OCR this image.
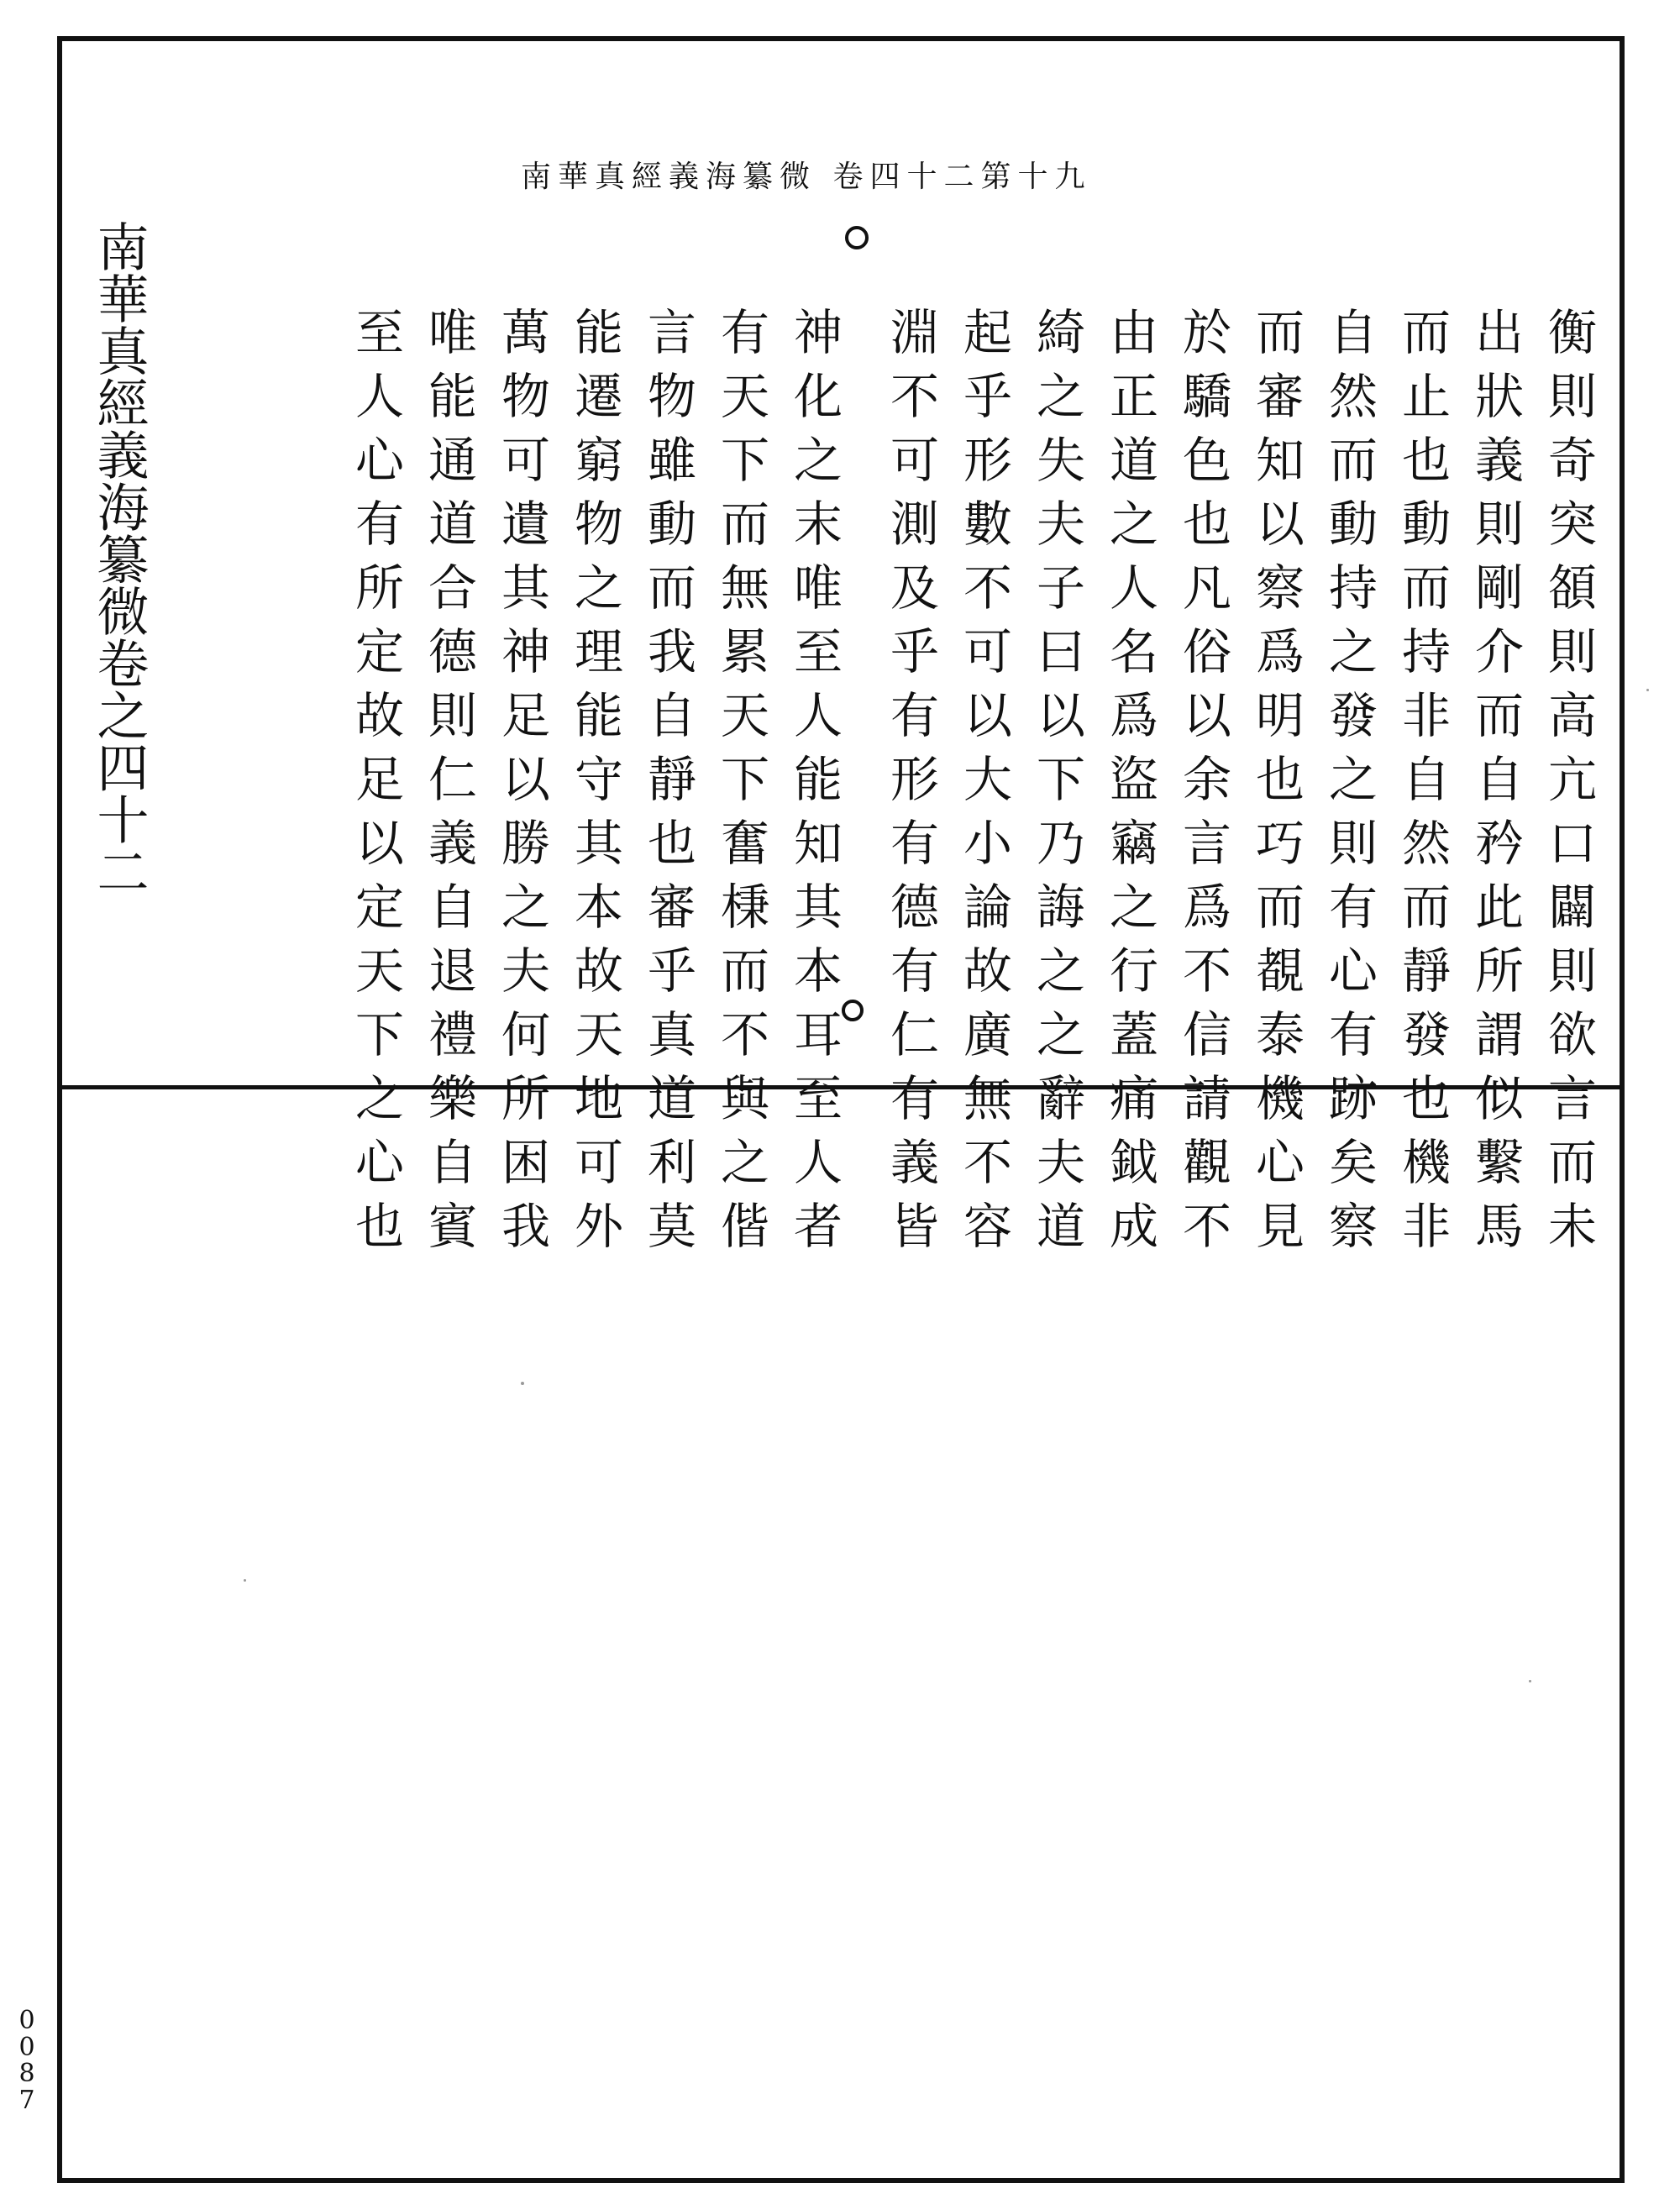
南華真經義海纂微 卷四十二第十九
南華真經義海纂微卷之四十二	衡則奇突頟則高亢口闢則欲言而未
出狀義則剛介而自矜此所謂似繫馬
而止也動而持非自然而靜發也機非
自然而動持之發之則有心有跡矣察
而審知以察爲明也巧而覩泰機心見
於驕色也凡俗以余言爲不信請觀不
由正道之人名爲盜竊之行蓋痛鉞成
綺之失夫子曰以下乃誨之之辭夫道
起乎形數不可以大小論故廣無不容
淵不可測及乎有形有德有仁有義皆
神化之末唯至人能知其本耳至人者
有天下而無累天下奮棅而不與之偕
言物雖動而我自靜也審乎真道利莫
能遷窮物之理能守其本故天地可外
萬物可遺其神足以勝之夫何所困我
唯能通道合德則仁義自退禮樂自賓
至人心有所定故足以定天下之心也
0087
